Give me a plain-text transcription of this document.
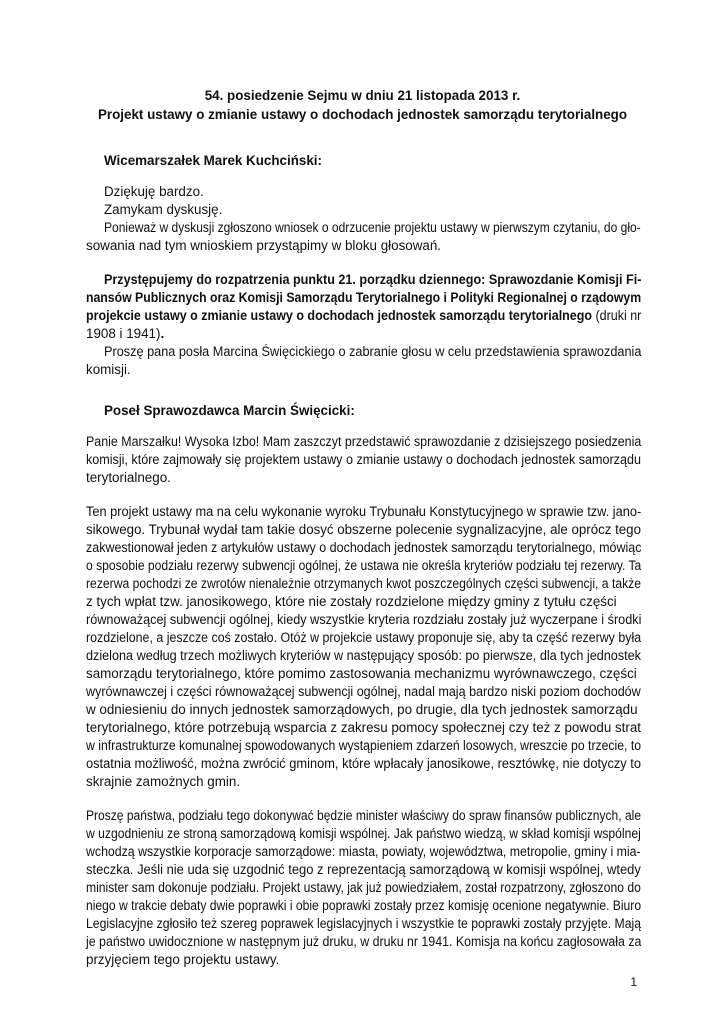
54. posiedzenie Sejmu w dniu 21 listopada 2013 r.
Projekt ustawy o zmianie ustawy o dochodach jednostek samorządu terytorialnego
Wicemarszałek Marek Kuchciński:
Dziękuję bardzo.
Zamykam dyskusję.
Ponieważ w dyskusji zgłoszono wniosek o odrzucenie projektu ustawy w pierwszym czytaniu, do gło-
sowania nad tym wnioskiem przystąpimy w bloku głosowań.
Przystępujemy do rozpatrzenia punktu 21. porządku dziennego: Sprawozdanie Komisji Fi-
nansów Publicznych oraz Komisji Samorządu Terytorialnego i Polityki Regionalnej o rządowym
projekcie ustawy o zmianie ustawy o dochodach jednostek samorządu terytorialnego (druki nr
1908 i 1941).
Proszę pana posła Marcina Święcickiego o zabranie głosu w celu przedstawienia sprawozdania
komisji.
Poseł Sprawozdawca Marcin Święcicki:
Panie Marszałku! Wysoka Izbo! Mam zaszczyt przedstawić sprawozdanie z dzisiejszego posiedzenia
komisji, które zajmowały się projektem ustawy o zmianie ustawy o dochodach jednostek samorządu
terytorialnego.
Ten projekt ustawy ma na celu wykonanie wyroku Trybunału Konstytucyjnego w sprawie tzw. jano-
sikowego. Trybunał wydał tam takie dosyć obszerne polecenie sygnalizacyjne, ale oprócz tego
zakwestionował jeden z artykułów ustawy o dochodach jednostek samorządu terytorialnego, mówiąc
o sposobie podziału rezerwy subwencji ogólnej, że ustawa nie określa kryteriów podziału tej rezerwy. Ta
rezerwa pochodzi ze zwrotów nienależnie otrzymanych kwot poszczególnych części subwencji, a także
z tych wpłat tzw. janosikowego, które nie zostały rozdzielone między gminy z tytułu części
równoważącej subwencji ogólnej, kiedy wszystkie kryteria rozdziału zostały już wyczerpane i środki
rozdzielone, a jeszcze coś zostało. Otóż w projekcie ustawy proponuje się, aby ta część rezerwy była
dzielona według trzech możliwych kryteriów w następujący sposób: po pierwsze, dla tych jednostek
samorządu terytorialnego, które pomimo zastosowania mechanizmu wyrównawczego, części
wyrównawczej i części równoważącej subwencji ogólnej, nadal mają bardzo niski poziom dochodów
w odniesieniu do innych jednostek samorządowych, po drugie, dla tych jednostek samorządu
terytorialnego, które potrzebują wsparcia z zakresu pomocy społecznej czy też z powodu strat
w infrastrukturze komunalnej spowodowanych wystąpieniem zdarzeń losowych, wreszcie po trzecie, to
ostatnia możliwość, można zwrócić gminom, które wpłacały janosikowe, resztówkę, nie dotyczy to
skrajnie zamożnych gmin.
Proszę państwa, podziału tego dokonywać będzie minister właściwy do spraw finansów publicznych, ale
w uzgodnieniu ze stroną samorządową komisji wspólnej. Jak państwo wiedzą, w skład komisji wspólnej
wchodzą wszystkie korporacje samorządowe: miasta, powiaty, województwa, metropolie, gminy i mia-
steczka. Jeśli nie uda się uzgodnić tego z reprezentacją samorządową w komisji wspólnej, wtedy
minister sam dokonuje podziału. Projekt ustawy, jak już powiedziałem, został rozpatrzony, zgłoszono do
niego w trakcie debaty dwie poprawki i obie poprawki zostały przez komisję ocenione negatywnie. Biuro
Legislacyjne zgłosiło też szereg poprawek legislacyjnych i wszystkie te poprawki zostały przyjęte. Mają
je państwo uwidocznione w następnym już druku, w druku nr 1941. Komisja na końcu zagłosowała za
przyjęciem tego projektu ustawy.
1
